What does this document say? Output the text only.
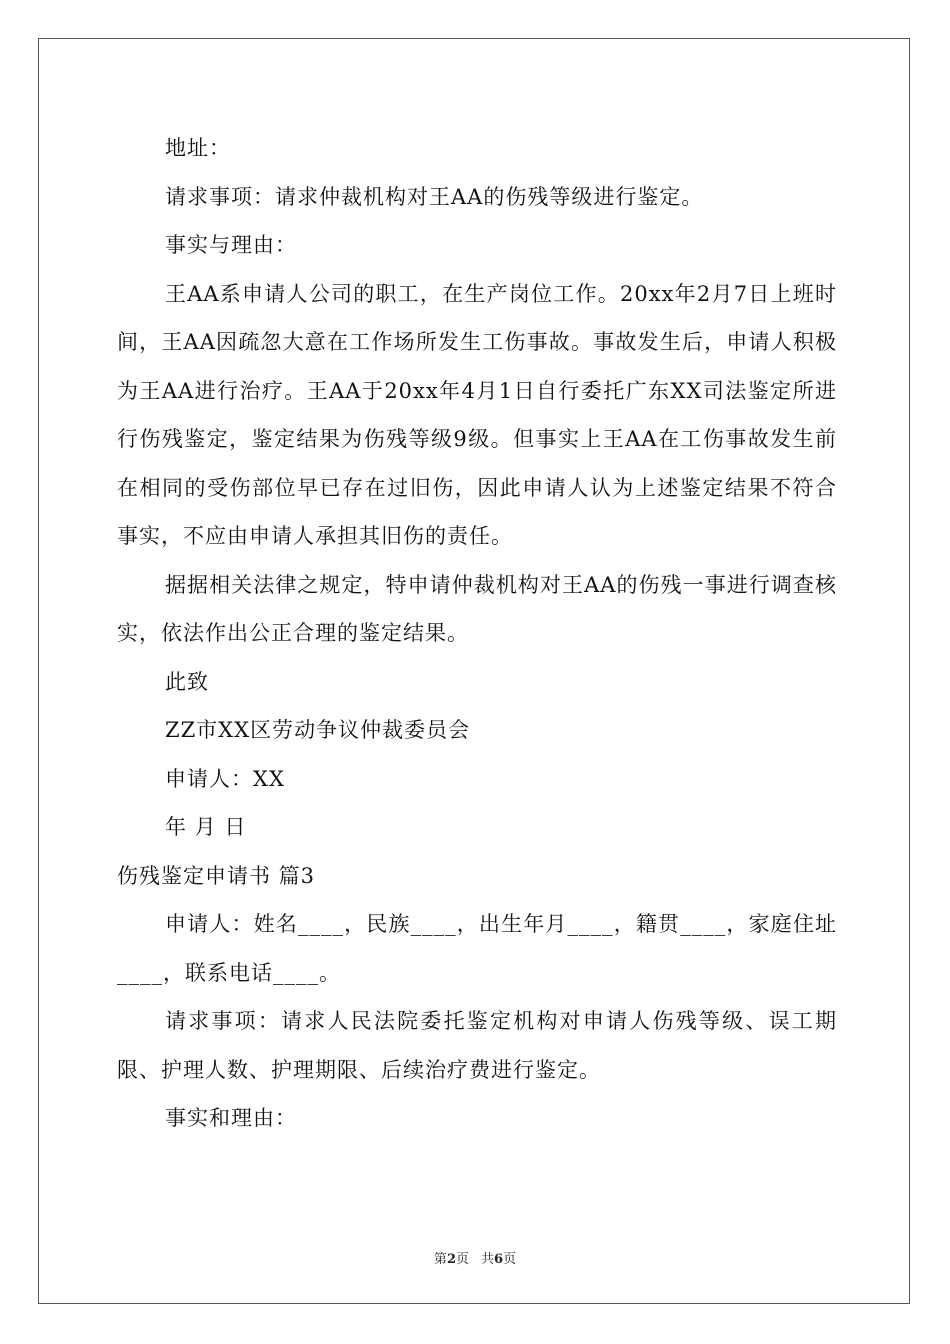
地址：

请求事项：请求仲裁机构对王AA的伤残等级进行鉴定。

事实与理由：

王AA系申请人公司的职工，在生产岗位工作。20xx年2月7日上班时间，王AA因疏忽大意在工作场所发生工伤事故。事故发生后，申请人积极为王AA进行治疗。王AA于20xx年4月1日自行委托广东XX司法鉴定所进行伤残鉴定，鉴定结果为伤残等级9级。但事实上王AA在工伤事故发生前在相同的受伤部位早已存在过旧伤，因此申请人认为上述鉴定结果不符合事实，不应由申请人承担其旧伤的责任。

据据相关法律之规定，特申请仲裁机构对王AA的伤残一事进行调查核实，依法作出公正合理的鉴定结果。

此致

ZZ市XX区劳动争议仲裁委员会

申请人：XX

年 月 日

伤残鉴定申请书 篇3

申请人：姓名____，民族____，出生年月____，籍贯____，家庭住址____，联系电话____。

请求事项：请求人民法院委托鉴定机构对申请人伤残等级、误工期限、护理人数、护理期限、后续治疗费进行鉴定。

事实和理由：

第2页 共6页
